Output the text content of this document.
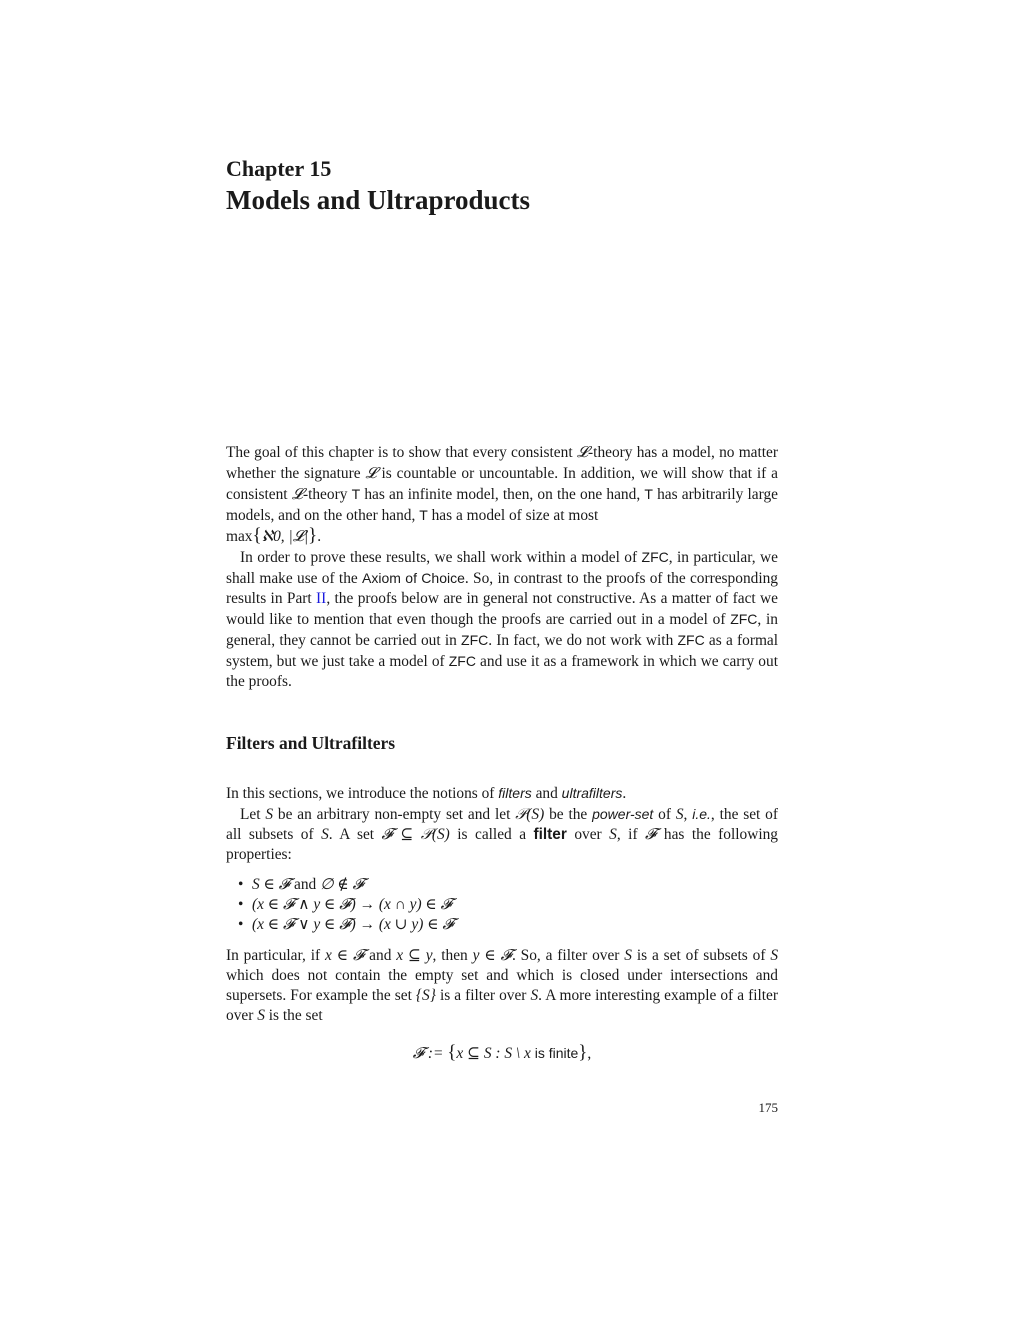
Chapter 15
Models and Ultraproducts

The goal of this chapter is to show that every consistent 𝓛-theory has a model, no matter whether the signature 𝓛 is countable or uncountable. In addition, we will show that if a consistent 𝓛-theory T has an infinite model, then, on the one hand, T has arbitrarily large models, and on the other hand, T has a model of size at most
max{ℵ0, |𝓛|}.

In order to prove these results, we shall work within a model of ZFC, in particular, we shall make use of the Axiom of Choice. So, in contrast to the proofs of the corresponding results in Part II, the proofs below are in general not constructive. As a matter of fact we would like to mention that even though the proofs are carried out in a model of ZFC, in general, they cannot be carried out in ZFC. In fact, we do not work with ZFC as a formal system, but we just take a model of ZFC and use it as a framework in which we carry out the proofs.

Filters and Ultrafilters

In this sections, we introduce the notions of filters and ultrafilters.

Let S be an arbitrary non-empty set and let 𝒫(S) be the power-set of S, i.e., the set of all subsets of S. A set 𝓕 ⊆ 𝒫(S) is called a filter over S, if 𝓕 has the following properties:

• S ∈ 𝓕 and ∅ ∉ 𝓕
• (x ∈ 𝓕 ∧ y ∈ 𝓕) → (x ∩ y) ∈ 𝓕
• (x ∈ 𝓕 ∨ y ∈ 𝓕) → (x ∪ y) ∈ 𝓕

In particular, if x ∈ 𝓕 and x ⊆ y, then y ∈ 𝓕. So, a filter over S is a set of subsets of S which does not contain the empty set and which is closed under intersections and supersets. For example the set {S} is a filter over S. A more interesting example of a filter over S is the set

𝓕 := {x ⊆ S : S \ x is finite},
175
